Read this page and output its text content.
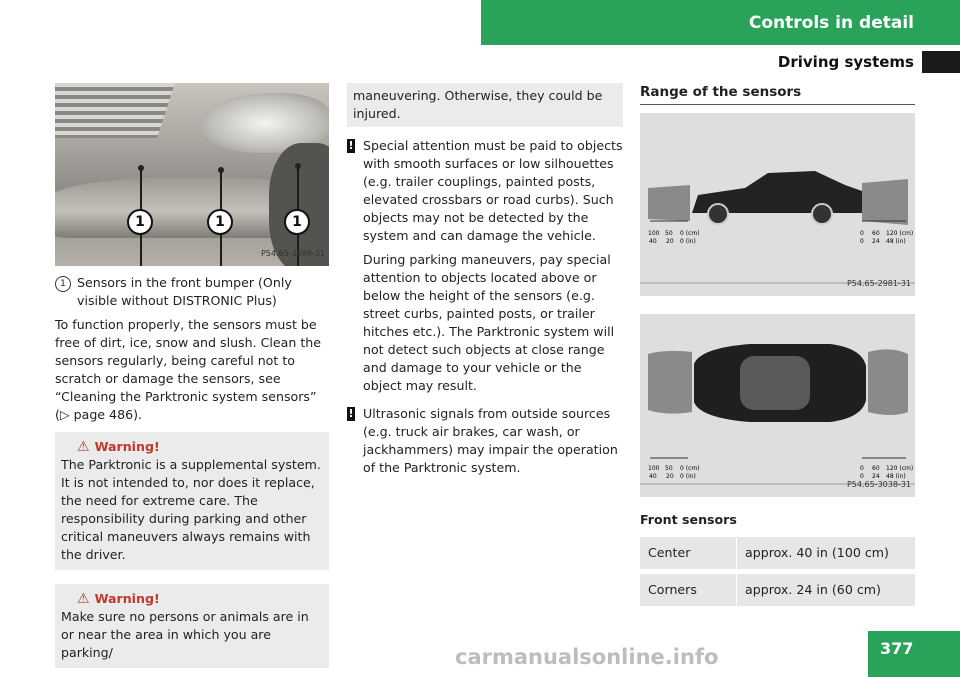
Controls in detail
Driving systems
1	1	1
P54.65-3099-31
1 Sensors in the front bumper (Only visible without DISTRONIC Plus)

To function properly, the sensors must be free of dirt, ice, snow and slush. Clean the sensors regularly, being careful not to scratch or damage the sensors, see “Cleaning the Parktronic system sensors” (▷ page 486).

⚠ Warning!

The Parktronic is a supplemental system. It is not intended to, nor does it replace, the need for extreme care. The responsibility during parking and other critical maneuvers always remains with the driver.

⚠ Warning!

Make sure no persons or animals are in or near the area in which you are parking/

maneuvering. Otherwise, they could be injured.

! Special attention must be paid to objects with smooth surfaces or low silhouettes (e.g. trailer couplings, painted posts, elevated crossbars or road curbs). Such objects may not be detected by the system and can damage the vehicle.

During parking maneuvers, pay special attention to objects located above or below the height of the sensors (e.g. street curbs, painted posts, or trailer hitches etc.). The Parktronic system will not detect such objects at close range and damage to your vehicle or the object may result.

! Ultrasonic signals from outside sources (e.g. truck air brakes, car wash, or jackhammers) may impair the operation of the Parktronic system.

Range of the sensors
100 50 0 (cm)
40 20 0 (in)
0 60 120 (cm)
0 24 48 (in)
P54.65-2981-31
100 50 0 (cm)
40 20 0 (in)
0 60 120 (cm)
0 24 48 (in)
P54.65-3038-31
Front sensors
Center	approx. 40 in (100 cm)
Corners	approx. 24 in (60 cm)
carmanualsonline.info	377
